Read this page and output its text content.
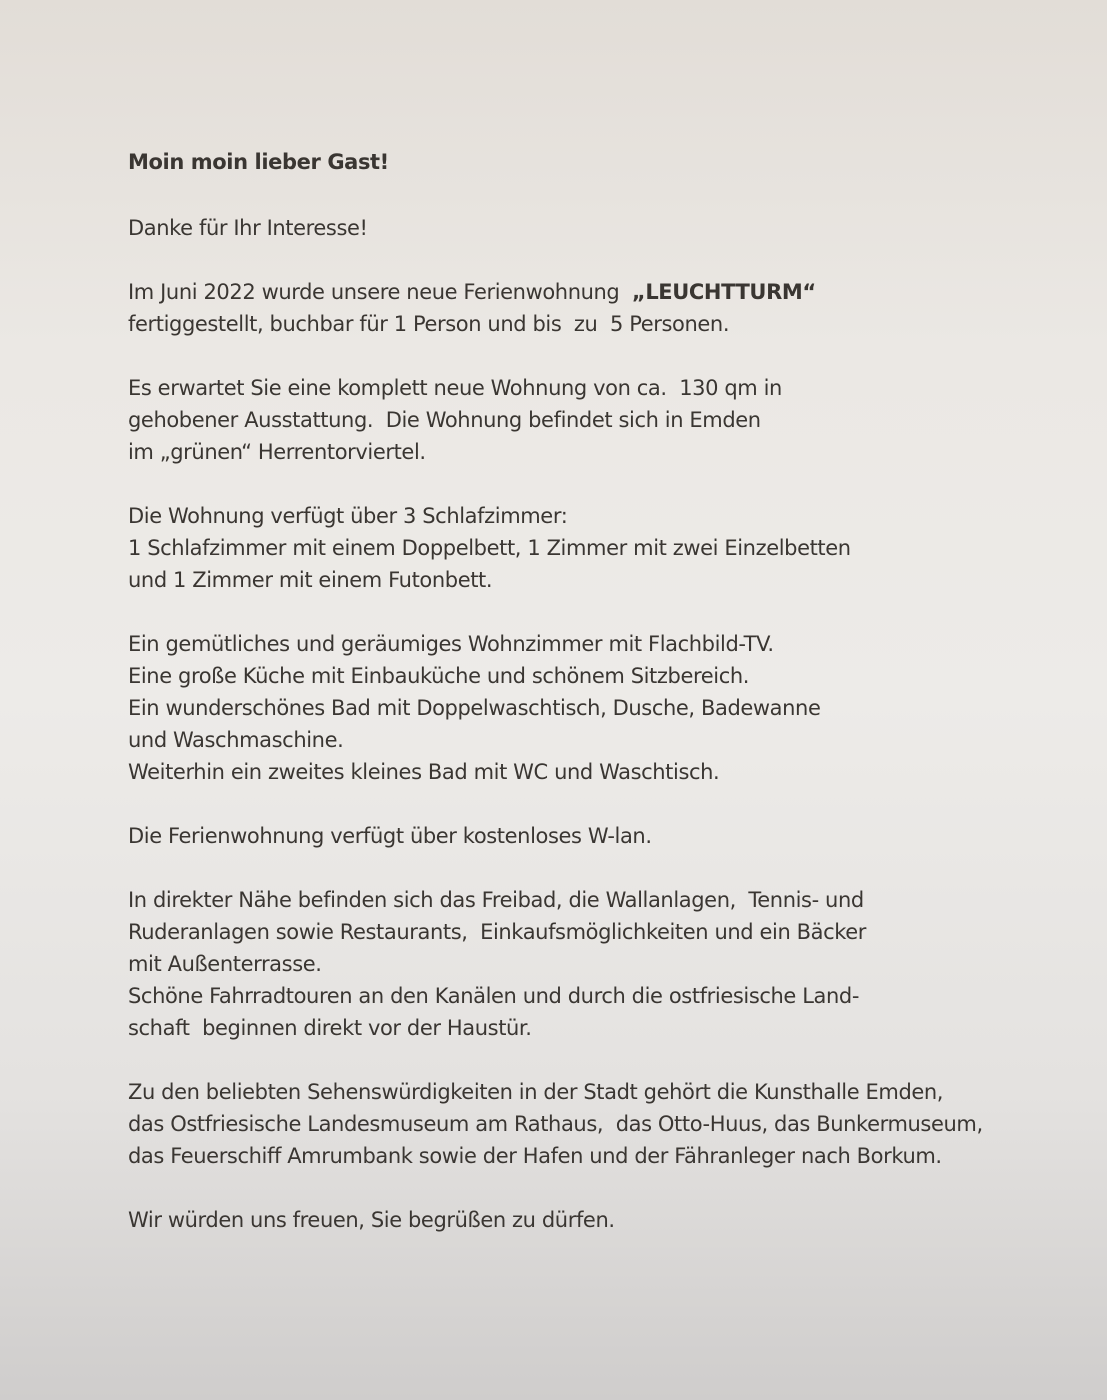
Moin moin lieber Gast!

Danke für Ihr Interesse!

Im Juni 2022 wurde unsere neue Ferienwohnung  „LEUCHTTURM“
fertiggestellt, buchbar für 1 Person und bis  zu  5 Personen.

Es erwartet Sie eine komplett neue Wohnung von ca.  130 qm in
gehobener Ausstattung.  Die Wohnung befindet sich in Emden
im „grünen“ Herrentorviertel.

Die Wohnung verfügt über 3 Schlafzimmer:
1 Schlafzimmer mit einem Doppelbett, 1 Zimmer mit zwei Einzelbetten
und 1 Zimmer mit einem Futonbett.

Ein gemütliches und geräumiges Wohnzimmer mit Flachbild-TV.
Eine große Küche mit Einbauküche und schönem Sitzbereich.
Ein wunderschönes Bad mit Doppelwaschtisch, Dusche, Badewanne
und Waschmaschine.
Weiterhin ein zweites kleines Bad mit WC und Waschtisch.

Die Ferienwohnung verfügt über kostenloses W-lan.

In direkter Nähe befinden sich das Freibad, die Wallanlagen,  Tennis- und
Ruderanlagen sowie Restaurants,  Einkaufsmöglichkeiten und ein Bäcker
mit Außenterrasse.
Schöne Fahrradtouren an den Kanälen und durch die ostfriesische Land-
schaft  beginnen direkt vor der Haustür.

Zu den beliebten Sehenswürdigkeiten in der Stadt gehört die Kunsthalle Emden,
das Ostfriesische Landesmuseum am Rathaus,  das Otto-Huus, das Bunkermuseum,
das Feuerschiff Amrumbank sowie der Hafen und der Fähranleger nach Borkum.

Wir würden uns freuen, Sie begrüßen zu dürfen.
